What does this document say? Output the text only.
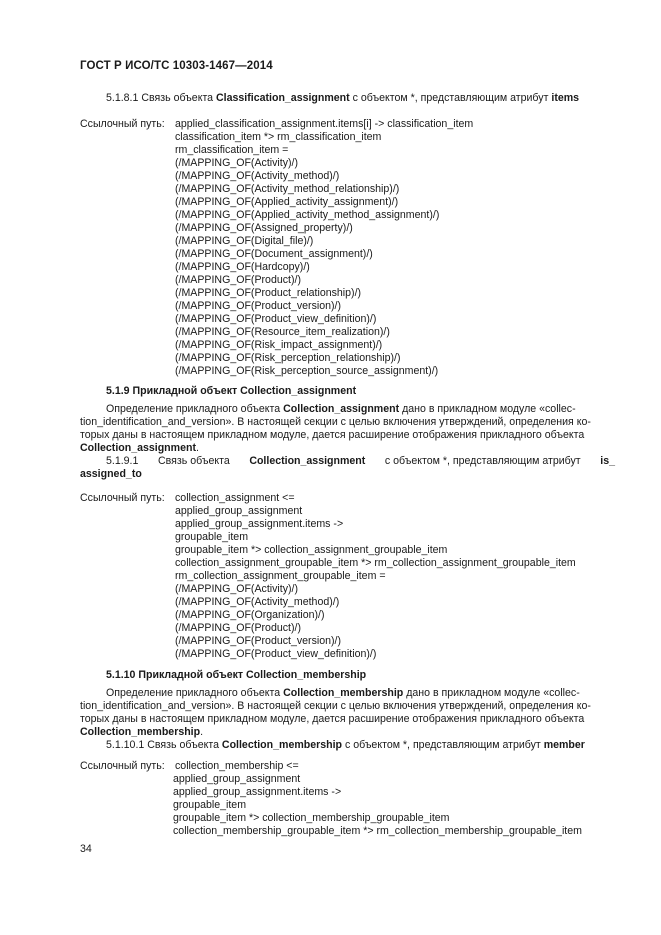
ГОСТ Р ИСО/ТС 10303-1467—2014
5.1.8.1 Связь объекта Classification_assignment с объектом *, представляющим атрибут items
Ссылочный путь: applied_classification_assignment.items[i] -> classification_item
classification_item *> rm_classification_item
rm_classification_item =
(/MAPPING_OF(Activity)/)
(/MAPPING_OF(Activity_method)/)
(/MAPPING_OF(Activity_method_relationship)/)
(/MAPPING_OF(Applied_activity_assignment)/)
(/MAPPING_OF(Applied_activity_method_assignment)/)
(/MAPPING_OF(Assigned_property)/)
(/MAPPING_OF(Digital_file)/)
(/MAPPING_OF(Document_assignment)/)
(/MAPPING_OF(Hardcopy)/)
(/MAPPING_OF(Product)/)
(/MAPPING_OF(Product_relationship)/)
(/MAPPING_OF(Product_version)/)
(/MAPPING_OF(Product_view_definition)/)
(/MAPPING_OF(Resource_item_realization)/)
(/MAPPING_OF(Risk_impact_assignment)/)
(/MAPPING_OF(Risk_perception_relationship)/)
(/MAPPING_OF(Risk_perception_source_assignment)/)
5.1.9 Прикладной объект Collection_assignment
Определение прикладного объекта Collection_assignment дано в прикладном модуле «collec-
tion_identification_and_version». В настоящей секции с целью включения утверждений, определения ко-
торых даны в настоящем прикладном модуле, дается расширение отображения прикладного объекта
Collection_assignment.
5.1.9.1 Связь объекта Collection_assignment с объектом *, представляющим атрибут is_
assigned_to
Ссылочный путь: collection_assignment <=
applied_group_assignment
applied_group_assignment.items ->
groupable_item
groupable_item *> collection_assignment_groupable_item
collection_assignment_groupable_item *> rm_collection_assignment_groupable_item
rm_collection_assignment_groupable_item =
(/MAPPING_OF(Activity)/)
(/MAPPING_OF(Activity_method)/)
(/MAPPING_OF(Organization)/)
(/MAPPING_OF(Product)/)
(/MAPPING_OF(Product_version)/)
(/MAPPING_OF(Product_view_definition)/)
5.1.10 Прикладной объект Collection_membership
Определение прикладного объекта Collection_membership дано в прикладном модуле «collec-
tion_identification_and_version». В настоящей секции с целью включения утверждений, определения ко-
торых даны в настоящем прикладном модуле, дается расширение отображения прикладного объекта
Collection_membership.
5.1.10.1 Связь объекта Collection_membership с объектом *, представляющим атрибут member
Ссылочный путь: collection_membership <=
applied_group_assignment
applied_group_assignment.items ->
groupable_item
groupable_item *> collection_membership_groupable_item
collection_membership_groupable_item *> rm_collection_membership_groupable_item
34
